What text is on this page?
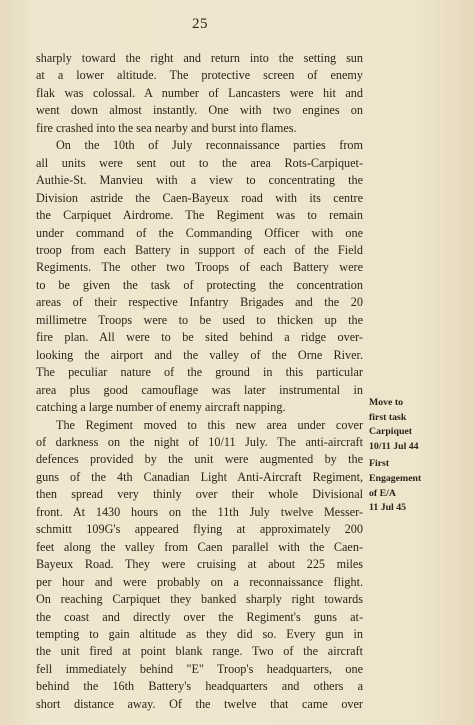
25
sharply toward the right and return into the setting sun
at a lower altitude. The protective screen of enemy
flak was colossal. A number of Lancasters were hit and
went down almost instantly. One with two engines on
fire crashed into the sea nearby and burst into flames.
On the 10th of July reconnaissance parties from
all units were sent out to the area Rots-Carpiquet-
Authie-St. Manvieu with a view to concentrating the
Division astride the Caen-Bayeux road with its centre
the Carpiquet Airdrome. The Regiment was to remain
under command of the Commanding Officer with one
troop from each Battery in support of each of the Field
Regiments. The other two Troops of each Battery were
to be given the task of protecting the concentration
areas of their respective Infantry Brigades and the 20
millimetre Troops were to be used to thicken up the
fire plan. All were to be sited behind a ridge over-
looking the airport and the valley of the Orne River.
The peculiar nature of the ground in this particular
area plus good camouflage was later instrumental in
catching a large number of enemy aircraft napping.
The Regiment moved to this new area under cover
of darkness on the night of 10/11 July. The anti-aircraft
defences provided by the unit were augmented by the
guns of the 4th Canadian Light Anti-Aircraft Regiment,
then spread very thinly over their whole Divisional
front. At 1430 hours on the 11th July twelve Messer-
schmitt 109G's appeared flying at approximately 200
feet along the valley from Caen parallel with the Caen-
Bayeux Road. They were cruising at about 225 miles
per hour and were probably on a reconnaissance flight.
On reaching Carpiquet they banked sharply right towards
the coast and directly over the Regiment's guns at-
tempting to gain altitude as they did so. Every gun in
the unit fired at point blank range. Two of the aircraft
fell immediately behind "E" Troop's headquarters, one
behind the 16th Battery's headquarters and others a
short distance away. Of the twelve that came over
Move to
first task
Carpiquet
10/11 Jul 44
First
Engagement
of E/A
11 Jul 45
